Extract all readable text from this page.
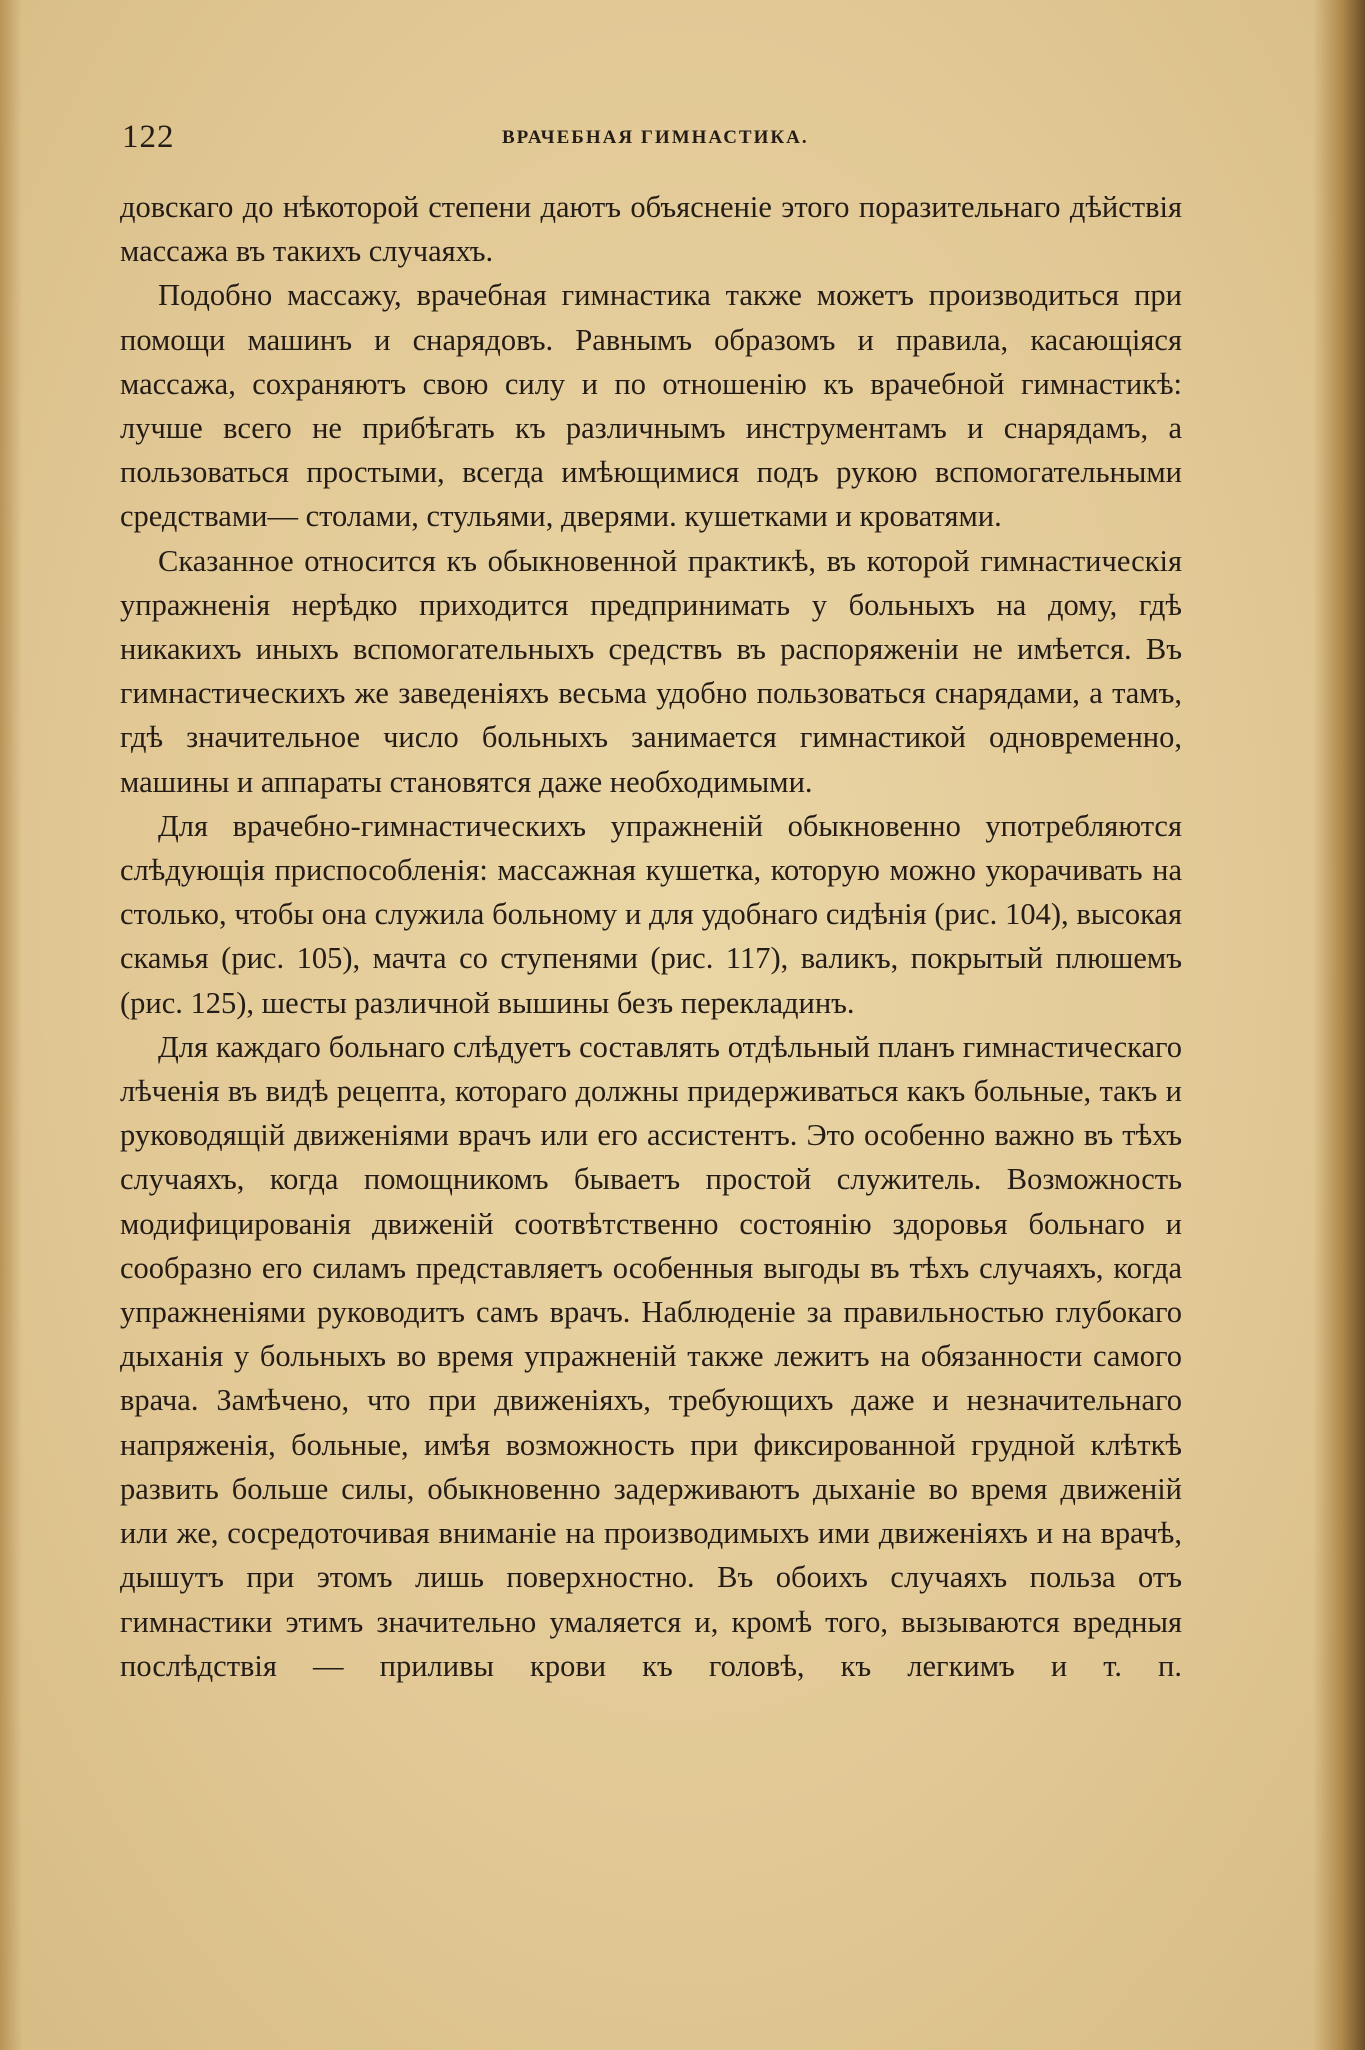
122	ВРАЧЕБНАЯ ГИМНАСТИКА.

довскаго до нѣкоторой степени даютъ объясненіе этого поразительнаго дѣйствія массажа въ такихъ случаяхъ.

Подобно массажу, врачебная гимнастика также можетъ производиться при помощи машинъ и снарядовъ. Равнымъ образомъ и правила, касающіяся массажа, сохраняютъ свою силу и по отношенію къ врачебной гимнастикѣ: лучше всего не прибѣгать къ различнымъ инструментамъ и снарядамъ, а пользоваться простыми, всегда имѣющимися подъ рукою вспомогательными средствами— столами, стульями, дверями. кушетками и кроватями.

Сказанное относится къ обыкновенной практикѣ, въ которой гимнастическія упражненія нерѣдко приходится предпринимать у больныхъ на дому, гдѣ никакихъ иныхъ вспомогательныхъ средствъ въ распоряженіи не имѣется. Въ гимнастическихъ же заведеніяхъ весьма удобно пользоваться снарядами, а тамъ, гдѣ значительное число больныхъ занимается гимнастикой одновременно, машины и аппараты становятся даже необходимыми.

Для врачебно-гимнастическихъ упражненій обыкновенно употребляются слѣдующія приспособленія: массажная кушетка, которую можно укорачивать на столько, чтобы она служила больному и для удобнаго сидѣнія (рис. 104), высокая скамья (рис. 105), мачта со ступенями (рис. 117), валикъ, покрытый плюшемъ (рис. 125), шесты различной вышины безъ перекладинъ.

Для каждаго больнаго слѣдуетъ составлять отдѣльный планъ гимнастическаго лѣченія въ видѣ рецепта, котораго должны придерживаться какъ больные, такъ и руководящій движеніями врачъ или его ассистентъ. Это особенно важно въ тѣхъ случаяхъ, когда помощникомъ бываетъ простой служитель. Возможность модифицированія движеній соотвѣтственно состоянію здоровья больнаго и сообразно его силамъ представляетъ особенныя выгоды въ тѣхъ случаяхъ, когда упражненіями руководитъ самъ врачъ. Наблюденіе за правильностью глубокаго дыханія у больныхъ во время упражненій также лежитъ на обязанности самого врача. Замѣчено, что при движеніяхъ, требующихъ даже и незначительнаго напряженія, больные, имѣя возможность при фиксированной грудной клѣткѣ развить больше силы, обыкновенно задерживаютъ дыханіе во время движеній или же, сосредоточивая вниманіе на производимыхъ ими движеніяхъ и на врачѣ, дышутъ при этомъ лишь поверхностно. Въ обоихъ случаяхъ польза отъ гимнастики этимъ значительно умаляется и, кромѣ того, вызываются вредныя послѣдствія — приливы крови къ головѣ, къ легкимъ и т. п.
